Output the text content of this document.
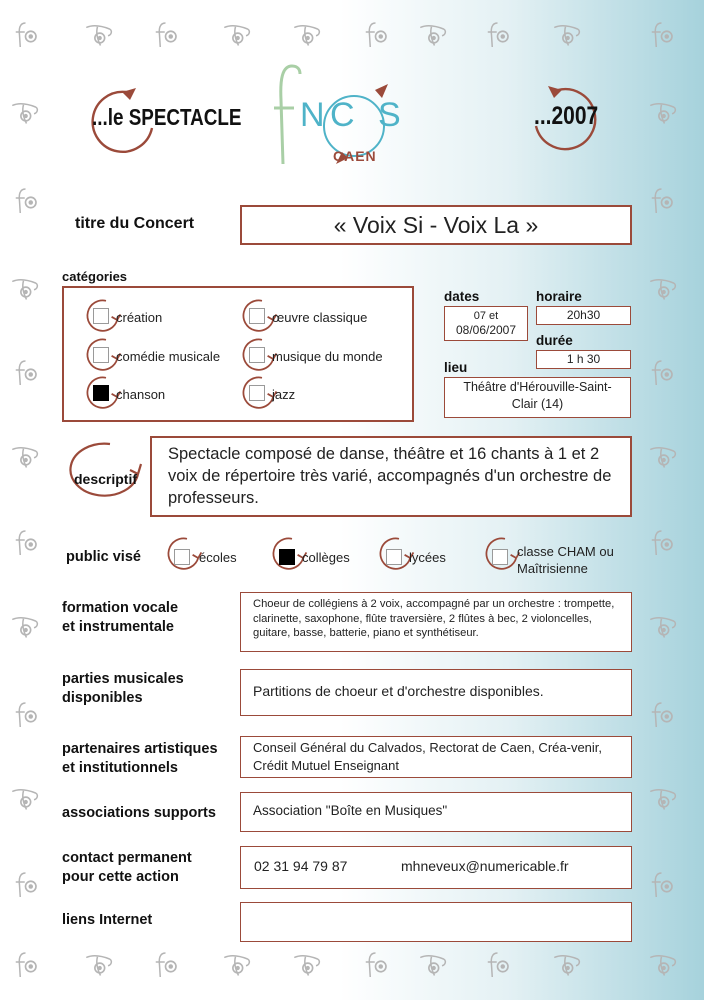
...le SPECTACLE N C S
CAEN
...2007
titre du Concert	« Voix Si - Voix La »
catégories
création	œuvre classique
comédie musicale	musique du monde
chanson	jazz
dates
07 et
08/06/2007
horaire
20h30
durée
1 h 30
lieu
Théâtre d'Hérouville-Saint-Clair (14)
descriptif
Spectacle composé de danse, théâtre et 16 chants à 1 et 2 voix de répertoire très varié, accompagnés d'un orchestre de professeurs.
public visé	écoles	collèges	lycées	classe CHAM ou Maîtrisienne
formation vocale
et instrumentale
Choeur de collégiens à 2 voix, accompagné par un orchestre : trompette, clarinette, saxophone, flûte traversière, 2 flûtes à bec, 2 violoncelles, guitare, basse, batterie, piano et synthétiseur.
parties musicales
disponibles	Partitions de choeur et d'orchestre disponibles.
partenaires artistiques
et institutionnels
Conseil Général du Calvados, Rectorat de Caen, Créa-venir, Crédit Mutuel Enseignant
associations supports	Association "Boîte en Musiques"
contact permanent
pour cette action
02 31 94 79 87	mhneveux@numericable.fr
liens Internet
